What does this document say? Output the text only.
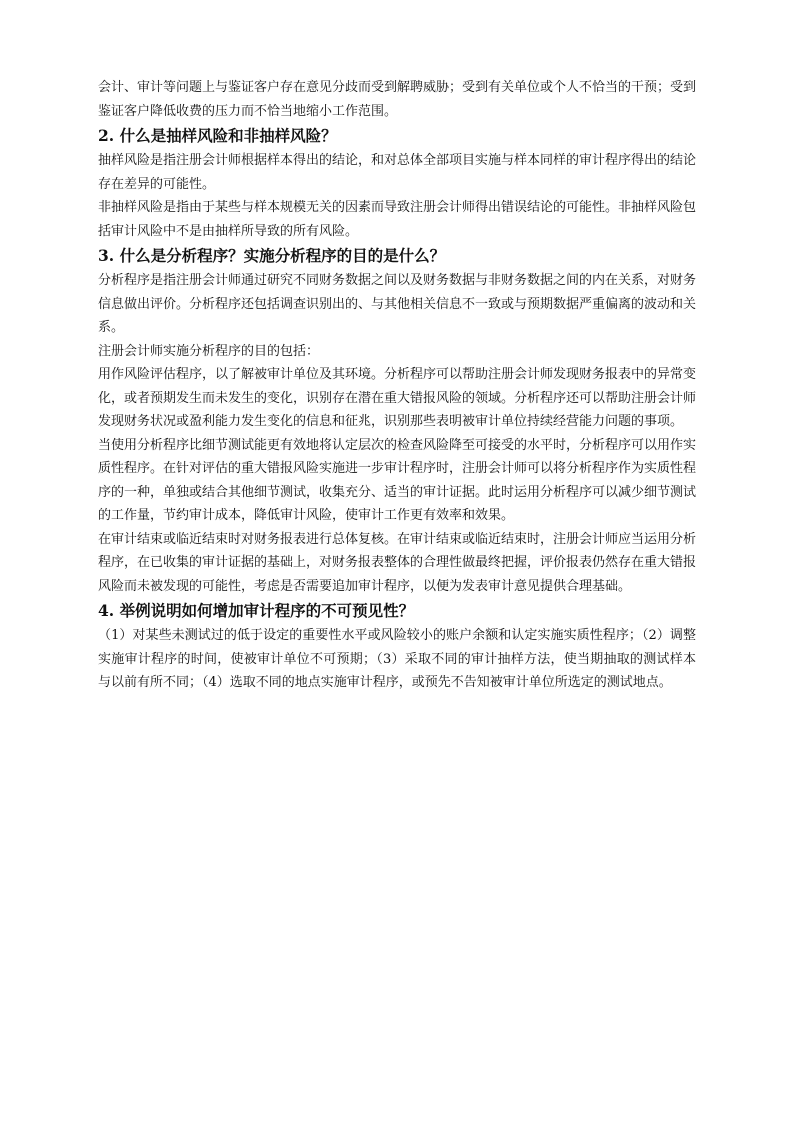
会计、审计等问题上与鉴证客户存在意见分歧而受到解聘威胁；受到有关单位或个人不恰当的干预；受到鉴证客户降低收费的压力而不恰当地缩小工作范围。

2. 什么是抽样风险和非抽样风险？

抽样风险是指注册会计师根据样本得出的结论，和对总体全部项目实施与样本同样的审计程序得出的结论存在差异的可能性。

非抽样风险是指由于某些与样本规模无关的因素而导致注册会计师得出错误结论的可能性。非抽样风险包括审计风险中不是由抽样所导致的所有风险。

3. 什么是分析程序？实施分析程序的目的是什么？

分析程序是指注册会计师通过研究不同财务数据之间以及财务数据与非财务数据之间的内在关系，对财务信息做出评价。分析程序还包括调查识别出的、与其他相关信息不一致或与预期数据严重偏离的波动和关系。

注册会计师实施分析程序的目的包括：

用作风险评估程序，以了解被审计单位及其环境。分析程序可以帮助注册会计师发现财务报表中的异常变化，或者预期发生而未发生的变化，识别存在潜在重大错报风险的领域。分析程序还可以帮助注册会计师发现财务状况或盈利能力发生变化的信息和征兆，识别那些表明被审计单位持续经营能力问题的事项。

当使用分析程序比细节测试能更有效地将认定层次的检查风险降至可接受的水平时，分析程序可以用作实质性程序。在针对评估的重大错报风险实施进一步审计程序时，注册会计师可以将分析程序作为实质性程序的一种，单独或结合其他细节测试，收集充分、适当的审计证据。此时运用分析程序可以减少细节测试的工作量，节约审计成本，降低审计风险，使审计工作更有效率和效果。

在审计结束或临近结束时对财务报表进行总体复核。在审计结束或临近结束时，注册会计师应当运用分析程序，在已收集的审计证据的基础上，对财务报表整体的合理性做最终把握，评价报表仍然存在重大错报风险而未被发现的可能性，考虑是否需要追加审计程序，以便为发表审计意见提供合理基础。

4. 举例说明如何增加审计程序的不可预见性？

（1）对某些未测试过的低于设定的重要性水平或风险较小的账户余额和认定实施实质性程序；（2）调整实施审计程序的时间，使被审计单位不可预期；（3）采取不同的审计抽样方法，使当期抽取的测试样本与以前有所不同；（4）选取不同的地点实施审计程序，或预先不告知被审计单位所选定的测试地点。
